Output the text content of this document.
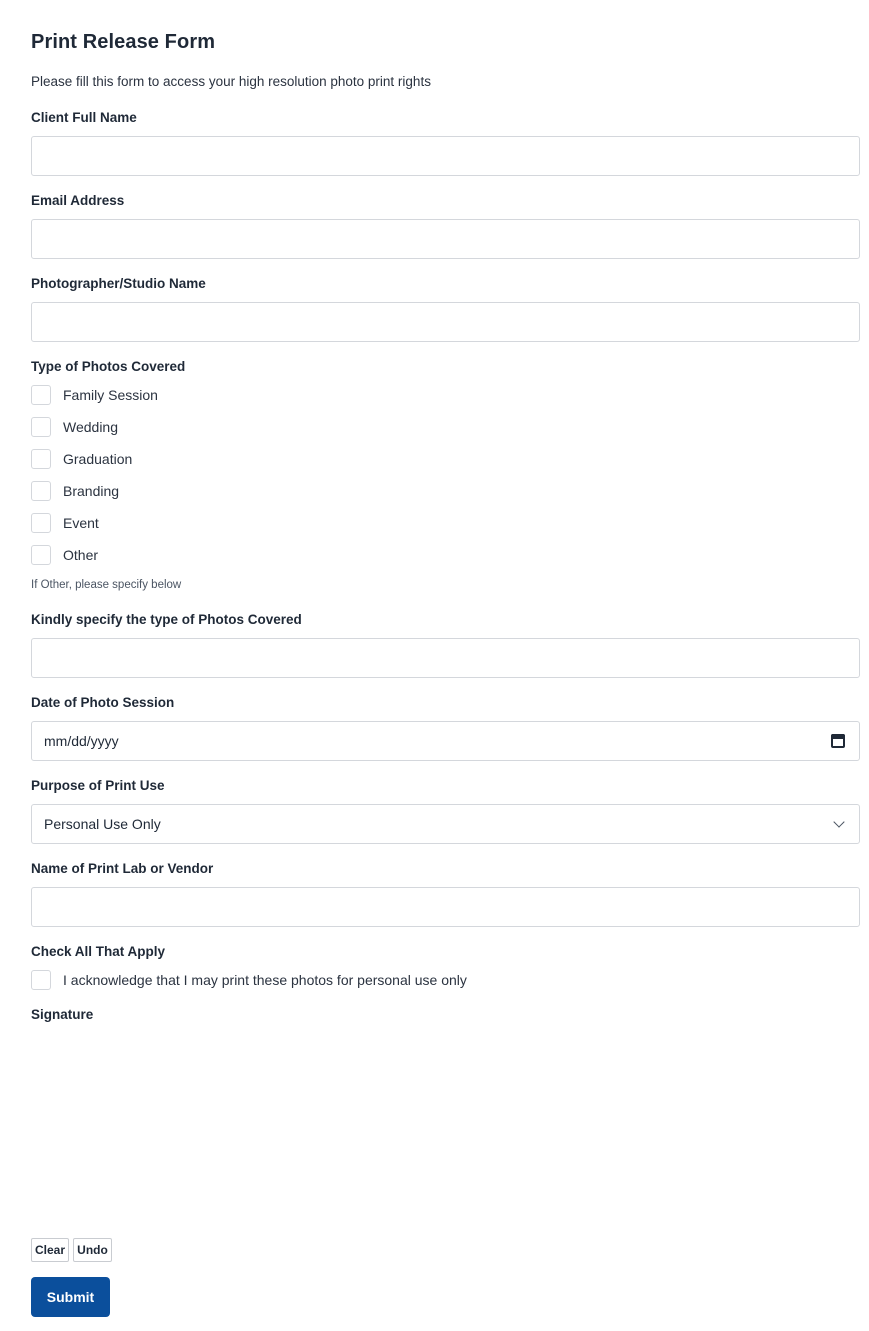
Print Release Form

Please fill this form to access your high resolution photo print rights

Client Full Name
Email Address
Photographer/Studio Name
Type of Photos Covered
Family Session
Wedding
Graduation
Branding
Event
Other

If Other, please specify below

Kindly specify the type of Photos Covered
Date of Photo Session
mm/dd/yyyy
Purpose of Print Use
Personal Use Only
Name of Print Lab or Vendor
Check All That Apply
I acknowledge that I may print these photos for personal use only
Signature
Clear	Undo
Submit
